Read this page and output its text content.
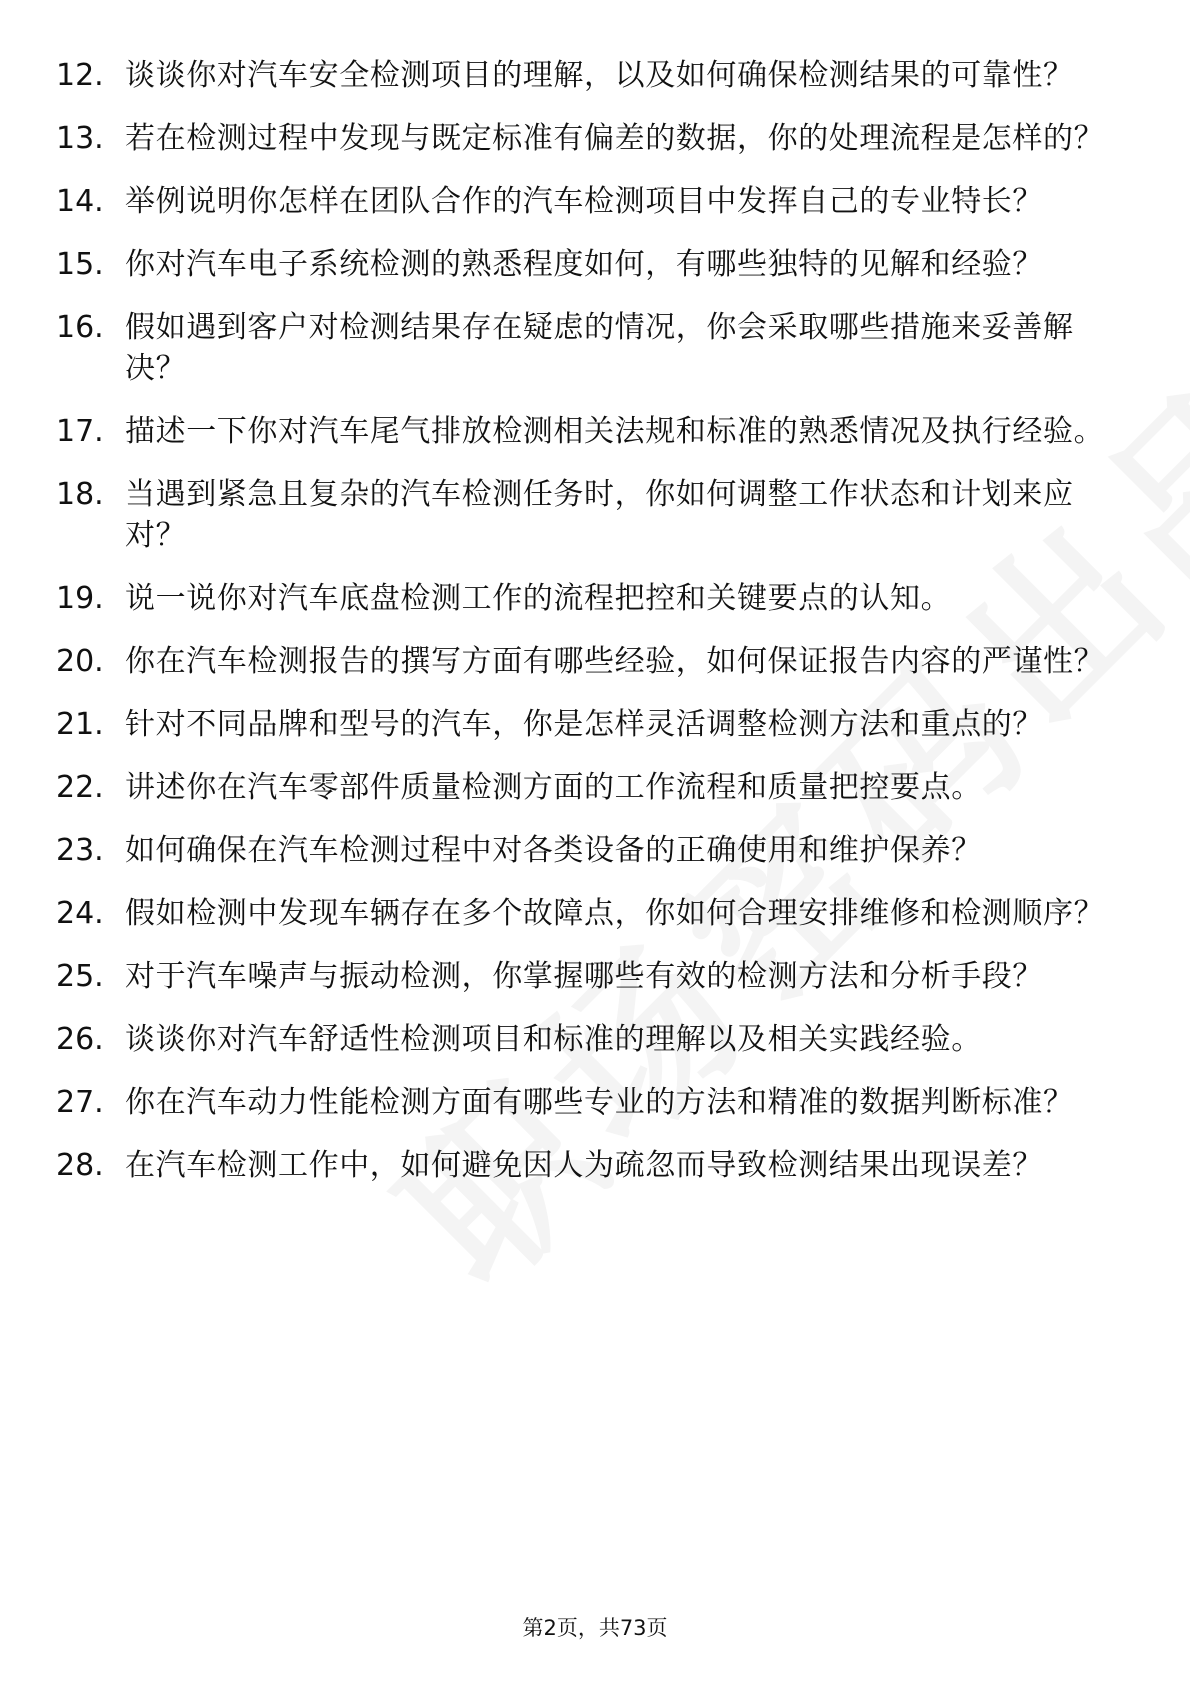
12. 谈谈你对汽车安全检测项目的理解，以及如何确保检测结果的可靠性？
13. 若在检测过程中发现与既定标准有偏差的数据，你的处理流程是怎样的？
14. 举例说明你怎样在团队合作的汽车检测项目中发挥自己的专业特长？
15. 你对汽车电子系统检测的熟悉程度如何，有哪些独特的见解和经验？
16. 假如遇到客户对检测结果存在疑虑的情况，你会采取哪些措施来妥善解决？
17. 描述一下你对汽车尾气排放检测相关法规和标准的熟悉情况及执行经验。
18. 当遇到紧急且复杂的汽车检测任务时，你如何调整工作状态和计划来应对？
19. 说一说你对汽车底盘检测工作的流程把控和关键要点的认知。
20. 你在汽车检测报告的撰写方面有哪些经验，如何保证报告内容的严谨性？
21. 针对不同品牌和型号的汽车，你是怎样灵活调整检测方法和重点的？
22. 讲述你在汽车零部件质量检测方面的工作流程和质量把控要点。
23. 如何确保在汽车检测过程中对各类设备的正确使用和维护保养？
24. 假如检测中发现车辆存在多个故障点，你如何合理安排维修和检测顺序？
25. 对于汽车噪声与振动检测，你掌握哪些有效的检测方法和分析手段？
26. 谈谈你对汽车舒适性检测项目和标准的理解以及相关实践经验。
27. 你在汽车动力性能检测方面有哪些专业的方法和精准的数据判断标准？
28. 在汽车检测工作中，如何避免因人为疏忽而导致检测结果出现误差？
第2页，共73页
